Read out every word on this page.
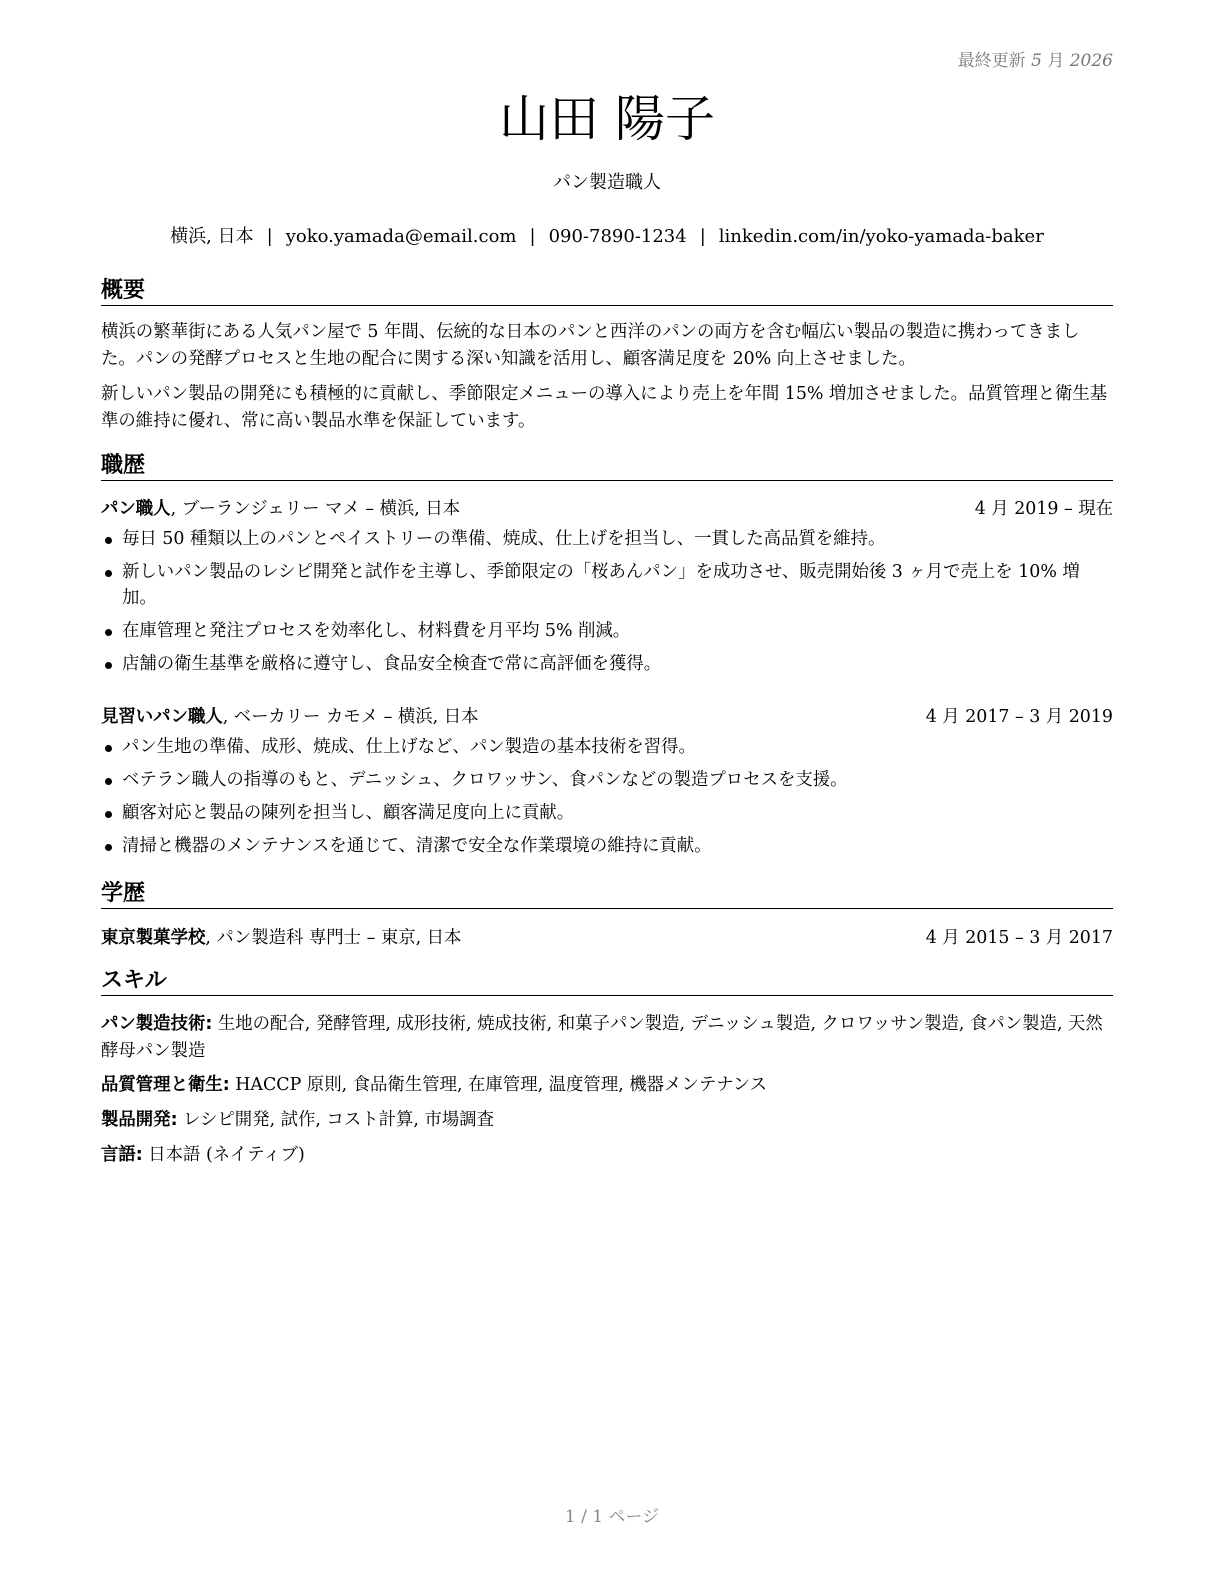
最終更新 5 月 2026
山田 陽子
パン製造職人
横浜, 日本 | yoko.yamada@email.com | 090-7890-1234 | linkedin.com/in/yoko-yamada-baker
概要

横浜の繁華街にある人気パン屋で 5 年間、伝統的な日本のパンと西洋のパンの両方を含む幅広い製品の製造に携わってきました。パンの発酵プロセスと生地の配合に関する深い知識を活用し、顧客満足度を 20% 向上させました。

新しいパン製品の開発にも積極的に貢献し、季節限定メニューの導入により売上を年間 15% 増加させました。品質管理と衛生基準の維持に優れ、常に高い製品水準を保証しています。

職歴
パン職人, ブーランジェリー マメ – 横浜, 日本	4 月 2019 – 現在
毎日 50 種類以上のパンとペイストリーの準備、焼成、仕上げを担当し、一貫した高品質を維持。
新しいパン製品のレシピ開発と試作を主導し、季節限定の「桜あんパン」を成功させ、販売開始後 3 ヶ月で売上を 10% 増加。
在庫管理と発注プロセスを効率化し、材料費を月平均 5% 削減。
店舗の衛生基準を厳格に遵守し、食品安全検査で常に高評価を獲得。
見習いパン職人, ベーカリー カモメ – 横浜, 日本	4 月 2017 – 3 月 2019
パン生地の準備、成形、焼成、仕上げなど、パン製造の基本技術を習得。
ベテラン職人の指導のもと、デニッシュ、クロワッサン、食パンなどの製造プロセスを支援。
顧客対応と製品の陳列を担当し、顧客満足度向上に貢献。
清掃と機器のメンテナンスを通じて、清潔で安全な作業環境の維持に貢献。
学歴
東京製菓学校, パン製造科 専門士 – 東京, 日本	4 月 2015 – 3 月 2017
スキル
パン製造技術: 生地の配合, 発酵管理, 成形技術, 焼成技術, 和菓子パン製造, デニッシュ製造, クロワッサン製造, 食パン製造, 天然酵母パン製造
品質管理と衛生: HACCP 原則, 食品衛生管理, 在庫管理, 温度管理, 機器メンテナンス
製品開発: レシピ開発, 試作, コスト計算, 市場調査
言語: 日本語 (ネイティブ)
1 / 1 ページ
